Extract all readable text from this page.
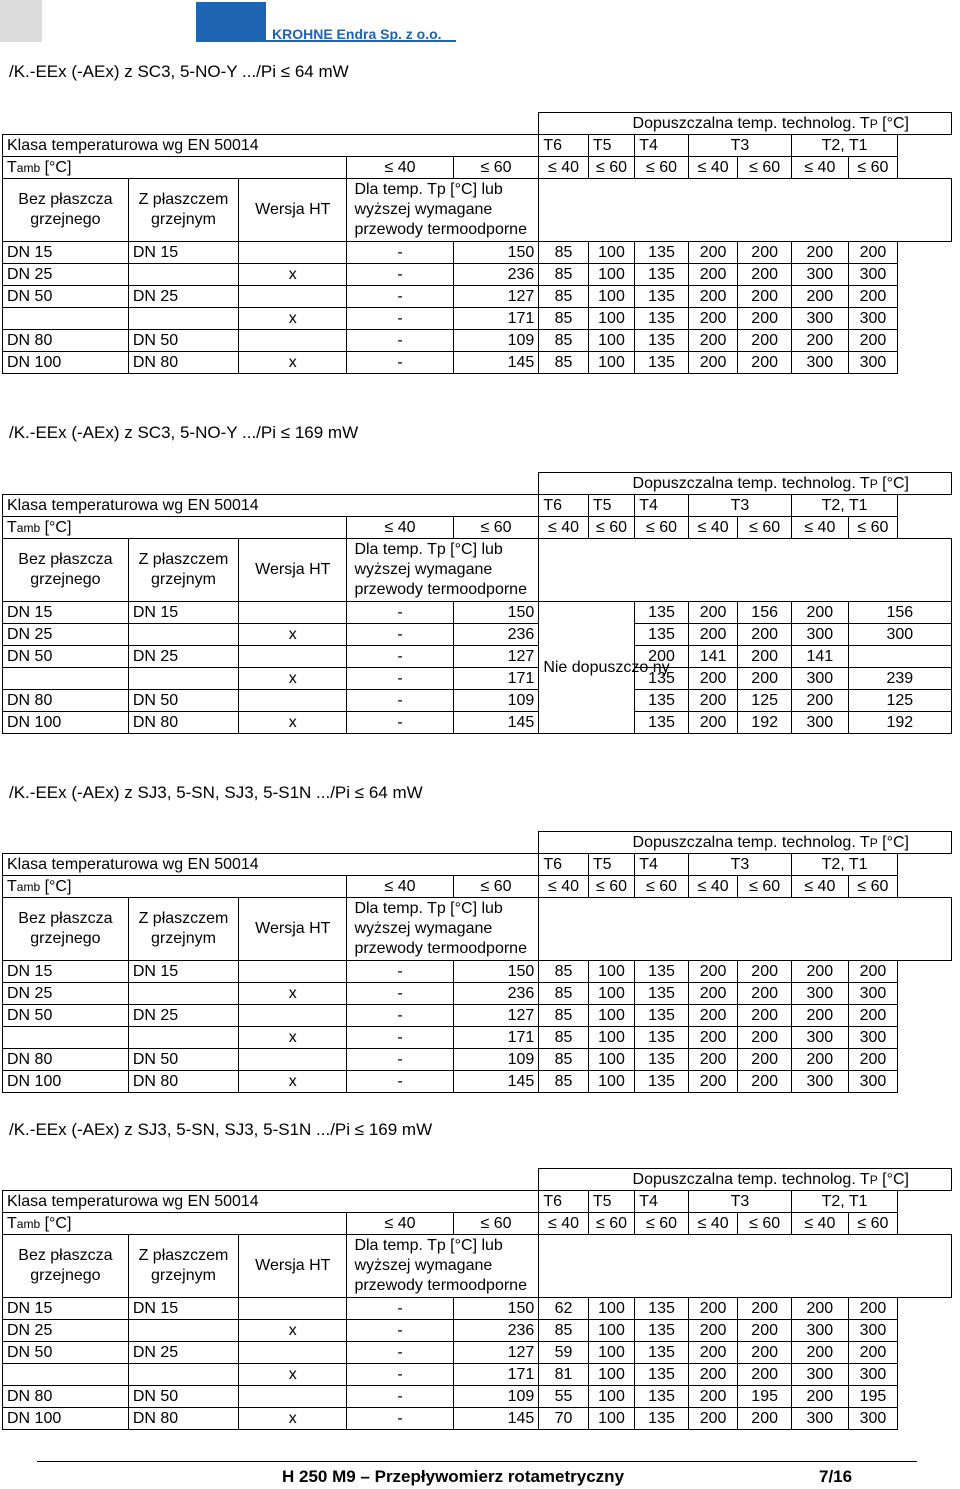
KROHNE Endra Sp. z o.o.
/K.-EEx (-AEx) z SC3, 5-NO-Y .../Pi ≤ 64 mW
					Dopuszczalna temp. technolog. TP [°C]						
Klasa temperaturowa wg EN 50014					T6	T5	T4	T3		T2, T1	
Tamb [°C]	≤40	≤60	≤40	≤60	≤60	≤40	≤60	≤40	≤60
Bez płaszcza grzejnego	Z płaszczem grzejnym	Wersja HT	Dla temp. Tp [°C] lub wyższej wymagane przewody termoodporne								
DN 15	DN 15		-	150	85	100	135	200	200	200	200
DN 25		x	-	236	85	100	135	200	200	300	300
DN 50	DN 25		-	127	85	100	135	200	200	200	200
		x	-	171	85	100	135	200	200	300	300
DN 80	DN 50		-	109	85	100	135	200	200	200	200
DN 100	DN 80	x	-	145	85	100	135	200	200	300	300
/K.-EEx (-AEx) z SC3, 5-NO-Y .../Pi ≤ 169 mW
					Dopuszczalna temp. technolog. TP [°C]						
Klasa temperaturowa wg EN 50014					T6	T5	T4	T3		T2, T1	
Tamb [°C]	≤40	≤60	≤40	≤60	≤60	≤40	≤60	≤40	≤60
Bez płaszcza grzejnego	Z płaszczem grzejnym	Wersja HT	Dla temp. Tp [°C] lub wyższej wymagane przewody termoodporne								
DN 15	DN 15		-	150	Nie dopuszczo ny		135	200	156	200	156
DN 25		x	-	236			135	200	200	300	300
DN 50	DN 25		-	127			200	141	200	141	
		x	-	171			135	200	200	300	239
DN 80	DN 50		-	109			135	200	125	200	125
DN 100	DN 80	x	-	145			135	200	192	300	192
/K.-EEx (-AEx) z SJ3, 5-SN, SJ3, 5-S1N .../Pi ≤ 64 mW
					Dopuszczalna temp. technolog. TP [°C]						
Klasa temperaturowa wg EN 50014					T6	T5	T4	T3		T2, T1	
Tamb [°C]	≤40	≤60	≤40	≤60	≤60	≤40	≤60	≤40	≤60
Bez płaszcza grzejnego	Z płaszczem grzejnym	Wersja HT	Dla temp. Tp [°C] lub wyższej wymagane przewody termoodporne								
DN 15	DN 15		-	150	85	100	135	200	200	200	200
DN 25		x	-	236	85	100	135	200	200	300	300
DN 50	DN 25		-	127	85	100	135	200	200	200	200
		x	-	171	85	100	135	200	200	300	300
DN 80	DN 50		-	109	85	100	135	200	200	200	200
DN 100	DN 80	x	-	145	85	100	135	200	200	300	300
/K.-EEx (-AEx) z SJ3, 5-SN, SJ3, 5-S1N .../Pi ≤ 169 mW
					Dopuszczalna temp. technolog. TP [°C]						
Klasa temperaturowa wg EN 50014					T6	T5	T4	T3		T2, T1	
Tamb [°C]	≤40	≤60	≤40	≤60	≤60	≤40	≤60	≤40	≤60
Bez płaszcza grzejnego	Z płaszczem grzejnym	Wersja HT	Dla temp. Tp [°C] lub wyższej wymagane przewody termoodporne								
DN 15	DN 15		-	150	62	100	135	200	200	200	200
DN 25		x	-	236	85	100	135	200	200	300	300
DN 50	DN 25		-	127	59	100	135	200	200	200	200
		x	-	171	81	100	135	200	200	300	300
DN 80	DN 50		-	109	55	100	135	200	195	200	195
DN 100	DN 80	x	-	145	70	100	135	200	200	300	300
H 250 M9 – Przepływomierz rotametryczny	7/16
